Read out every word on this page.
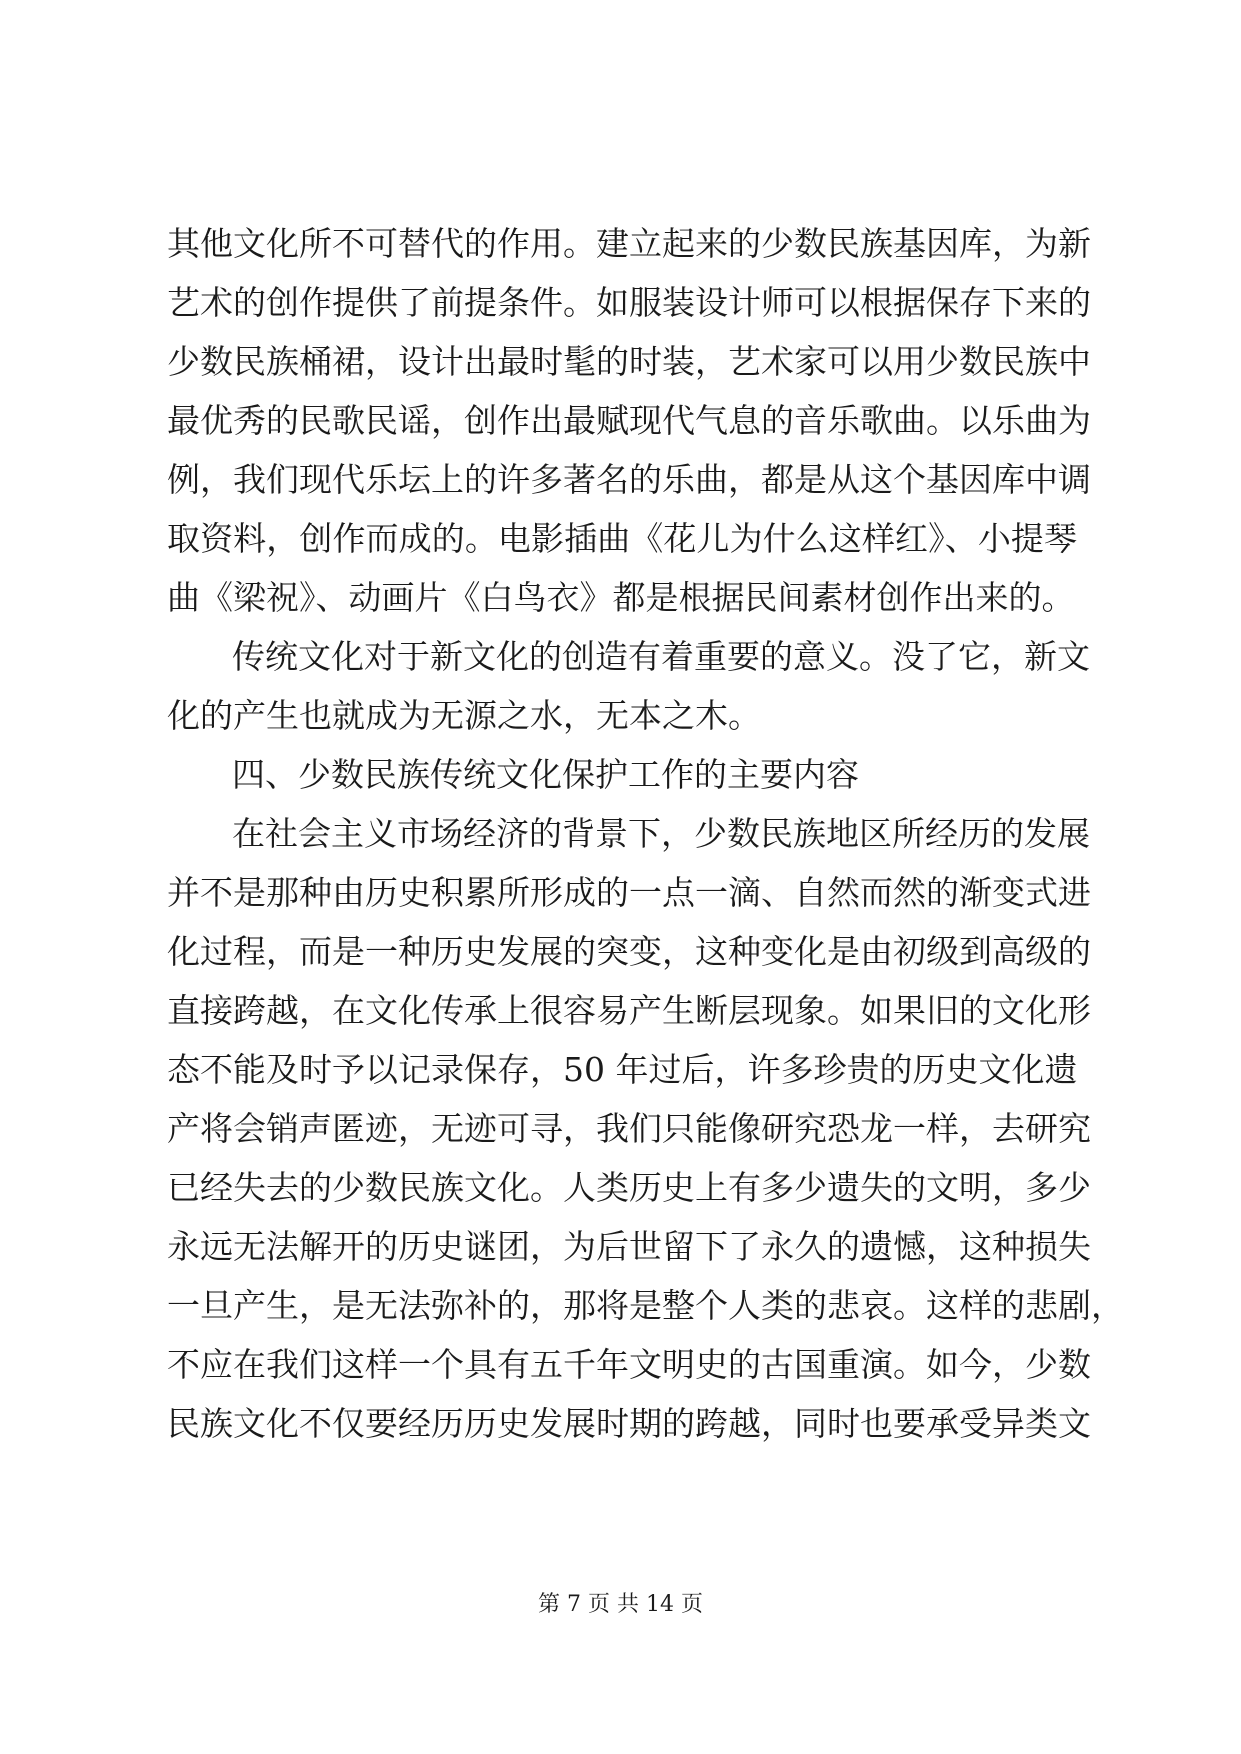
其他文化所不可替代的作用。建立起来的少数民族基因库，为新
艺术的创作提供了前提条件。如服装设计师可以根据保存下来的
少数民族桶裙，设计出最时髦的时装，艺术家可以用少数民族中
最优秀的民歌民谣，创作出最赋现代气息的音乐歌曲。以乐曲为
例，我们现代乐坛上的许多著名的乐曲，都是从这个基因库中调
取资料，创作而成的。电影插曲《花儿为什么这样红》、小提琴
曲《梁祝》、动画片《白鸟衣》都是根据民间素材创作出来的。
传统文化对于新文化的创造有着重要的意义。没了它，新文
化的产生也就成为无源之水，无本之木。
四、少数民族传统文化保护工作的主要内容
在社会主义市场经济的背景下，少数民族地区所经历的发展
并不是那种由历史积累所形成的一点一滴、自然而然的渐变式进
化过程，而是一种历史发展的突变，这种变化是由初级到高级的
直接跨越，在文化传承上很容易产生断层现象。如果旧的文化形
态不能及时予以记录保存，50 年过后，许多珍贵的历史文化遗
产将会销声匿迹，无迹可寻，我们只能像研究恐龙一样，去研究
已经失去的少数民族文化。人类历史上有多少遗失的文明，多少
永远无法解开的历史谜团，为后世留下了永久的遗憾，这种损失
一旦产生，是无法弥补的，那将是整个人类的悲哀。这样的悲剧，
不应在我们这样一个具有五千年文明史的古国重演。如今，少数
民族文化不仅要经历历史发展时期的跨越，同时也要承受异类文
第 7 页 共 14 页
